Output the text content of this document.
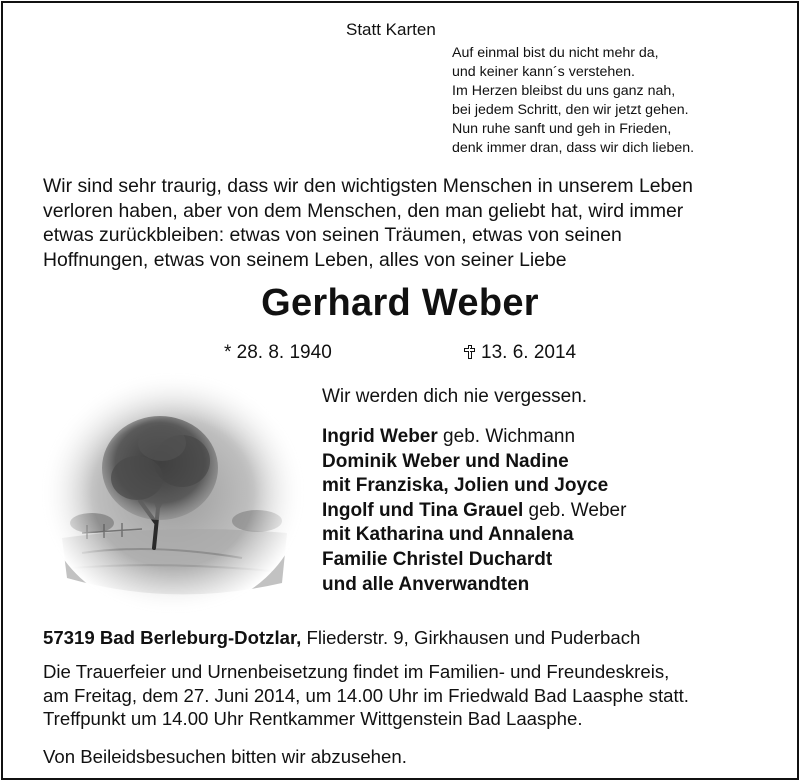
Statt Karten
Auf einmal bist du nicht mehr da,
und keiner kann´s verstehen.
Im Herzen bleibst du uns ganz nah,
bei jedem Schritt, den wir jetzt gehen.
Nun ruhe sanft und geh in Frieden,
denk immer dran, dass wir dich lieben.
Wir sind sehr traurig, dass wir den wichtigsten Menschen in unserem Leben
verloren haben, aber von dem Menschen, den man geliebt hat, wird immer
etwas zurückbleiben: etwas von seinen Träumen, etwas von seinen
Hoffnungen, etwas von seinem Leben, alles von seiner Liebe
Gerhard Weber
* 28. 8. 1940	13. 6. 2014
Wir werden dich nie vergessen.
Ingrid Weber geb. Wichmann
Dominik Weber und Nadine
mit Franziska, Jolien und Joyce
Ingolf und Tina Grauel geb. Weber
mit Katharina und Annalena
Familie Christel Duchardt
und alle Anverwandten
57319 Bad Berleburg-Dotzlar, Fliederstr. 9, Girkhausen und Puderbach
Die Trauerfeier und Urnenbeisetzung findet im Familien- und Freundeskreis,
am Freitag, dem 27. Juni 2014, um 14.00 Uhr im Friedwald Bad Laasphe statt.
Treffpunkt um 14.00 Uhr Rentkammer Wittgenstein Bad Laasphe.
Von Beileidsbesuchen bitten wir abzusehen.
